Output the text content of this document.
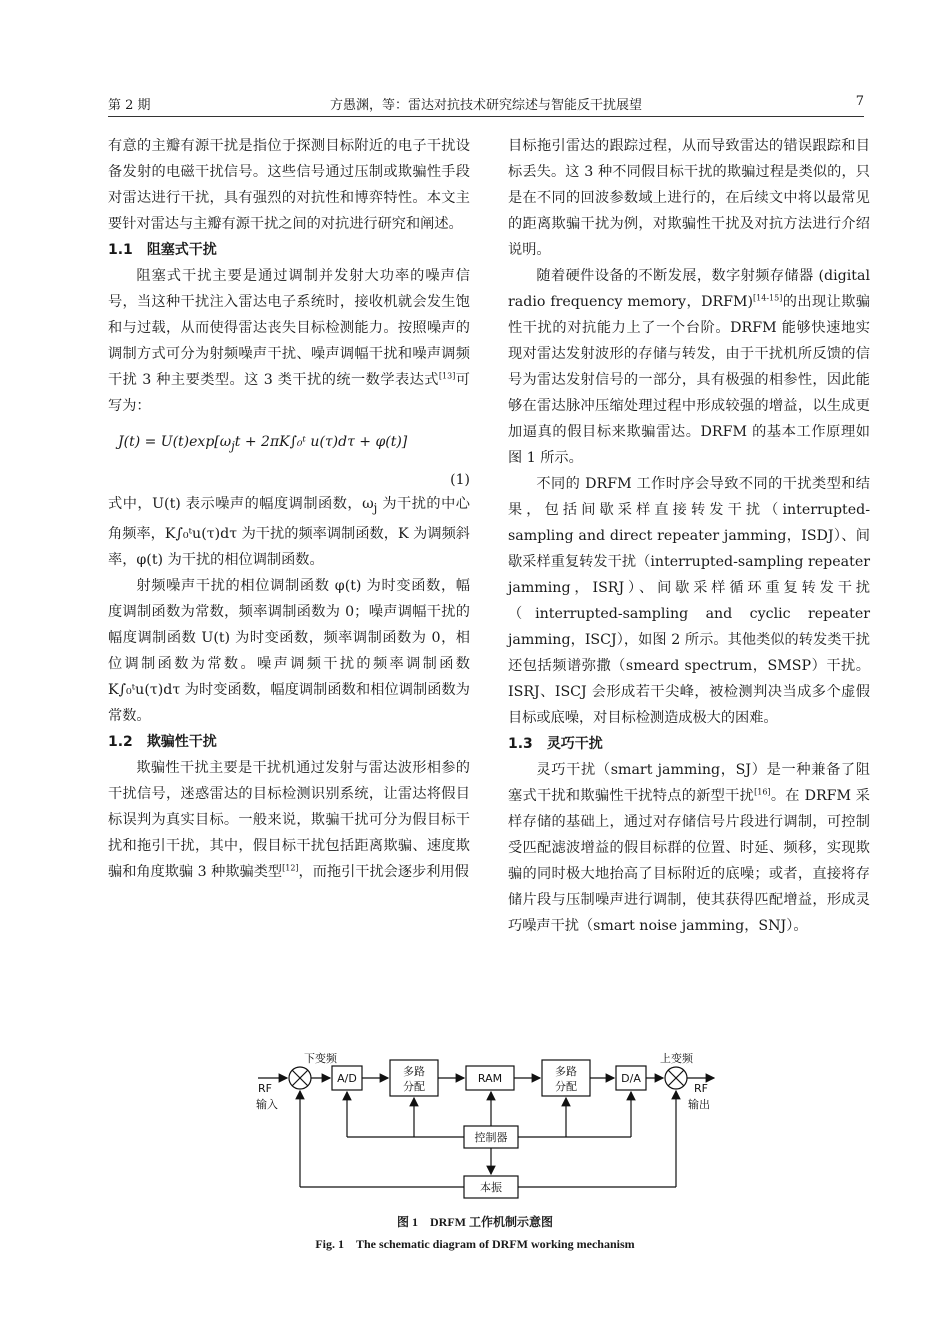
第 2 期	方愚渊，等：雷达对抗技术研究综述与智能反干扰展望	7

有意的主瓣有源干扰是指位于探测目标附近的电子干扰设备发射的电磁干扰信号。这些信号通过压制或欺骗性手段对雷达进行干扰，具有强烈的对抗性和博弈特性。本文主要针对雷达与主瓣有源干扰之间的对抗进行研究和阐述。

1.1 阻塞式干扰

阻塞式干扰主要是通过调制并发射大功率的噪声信号，当这种干扰注入雷达电子系统时，接收机就会发生饱和与过载，从而使得雷达丧失目标检测能力。按照噪声的调制方式可分为射频噪声干扰、噪声调幅干扰和噪声调频干扰 3 种主要类型。这 3 类干扰的统一数学表达式[13]可写为：

$J(t) = U(t)\exp[\omega_jt$ + 2πK∫₀ᵗ u(τ)dτ + φ(t)]

(1)

式中，U(t) 表示噪声的幅度调制函数，$\omega_j$ 为干扰的中心角频率，K∫₀ᵗu(τ)dτ 为干扰的频率调制函数，K 为调频斜率，φ(t) 为干扰的相位调制函数。

射频噪声干扰的相位调制函数 φ(t) 为时变函数，幅度调制函数为常数，频率调制函数为 0；噪声调幅干扰的幅度调制函数 U(t) 为时变函数，频率调制函数为 0，相位调制函数为常数。噪声调频干扰的频率调制函数 K∫₀ᵗu(τ)dτ 为时变函数，幅度调制函数和相位调制函数为常数。

1.2 欺骗性干扰

欺骗性干扰主要是干扰机通过发射与雷达波形相参的干扰信号，迷惑雷达的目标检测识别系统，让雷达将假目标误判为真实目标。一般来说，欺骗干扰可分为假目标干扰和拖引干扰，其中，假目标干扰包括距离欺骗、速度欺骗和角度欺骗 3 种欺骗类型[12]，而拖引干扰会逐步利用假

目标拖引雷达的跟踪过程，从而导致雷达的错误跟踪和目标丢失。这 3 种不同假目标干扰的欺骗过程是类似的，只是在不同的回波参数域上进行的，在后续文中将以最常见的距离欺骗干扰为例，对欺骗性干扰及对抗方法进行介绍说明。

随着硬件设备的不断发展，数字射频存储器 (digital radio frequency memory，DRFM)[14-15]的出现让欺骗性干扰的对抗能力上了一个台阶。DRFM 能够快速地实现对雷达发射波形的存储与转发，由于干扰机所反馈的信号为雷达发射信号的一部分，具有极强的相参性，因此能够在雷达脉冲压缩处理过程中形成较强的增益，以生成更加逼真的假目标来欺骗雷达。DRFM 的基本工作原理如图 1 所示。

不同的 DRFM 工作时序会导致不同的干扰类型和结果，包括间歇采样直接转发干扰（interrupted-sampling and direct repeater jamming，ISDJ）、间歇采样重复转发干扰（interrupted-sampling repeater jamming，ISRJ）、间歇采样循环重复转发干扰（interrupted-sampling and cyclic repeater jamming，ISCJ），如图 2 所示。其他类似的转发类干扰还包括频谱弥撒（smeard spectrum，SMSP）干扰。ISRJ、ISCJ 会形成若干尖峰，被检测判决当成多个虚假目标或底噪，对目标检测造成极大的困难。

1.3 灵巧干扰

灵巧干扰（smart jamming，SJ）是一种兼备了阻塞式干扰和欺骗性干扰特点的新型干扰[16]。在 DRFM 采样存储的基础上，通过对存储信号片段进行调制，可控制受匹配滤波增益的假目标群的位置、时延、频移，实现欺骗的同时极大地抬高了目标附近的底噪；或者，直接将存储片段与压制噪声进行调制，使其获得匹配增益，形成灵巧噪声干扰（smart noise jamming，SNJ）。

下变频	上变频
RF
输入
RF
输出
A/D
多路
分配
RAM
多路
分配
D/A
控制器
本振
图 1　DRFM 工作机制示意图
Fig. 1　The schematic diagram of DRFM working mechanism
